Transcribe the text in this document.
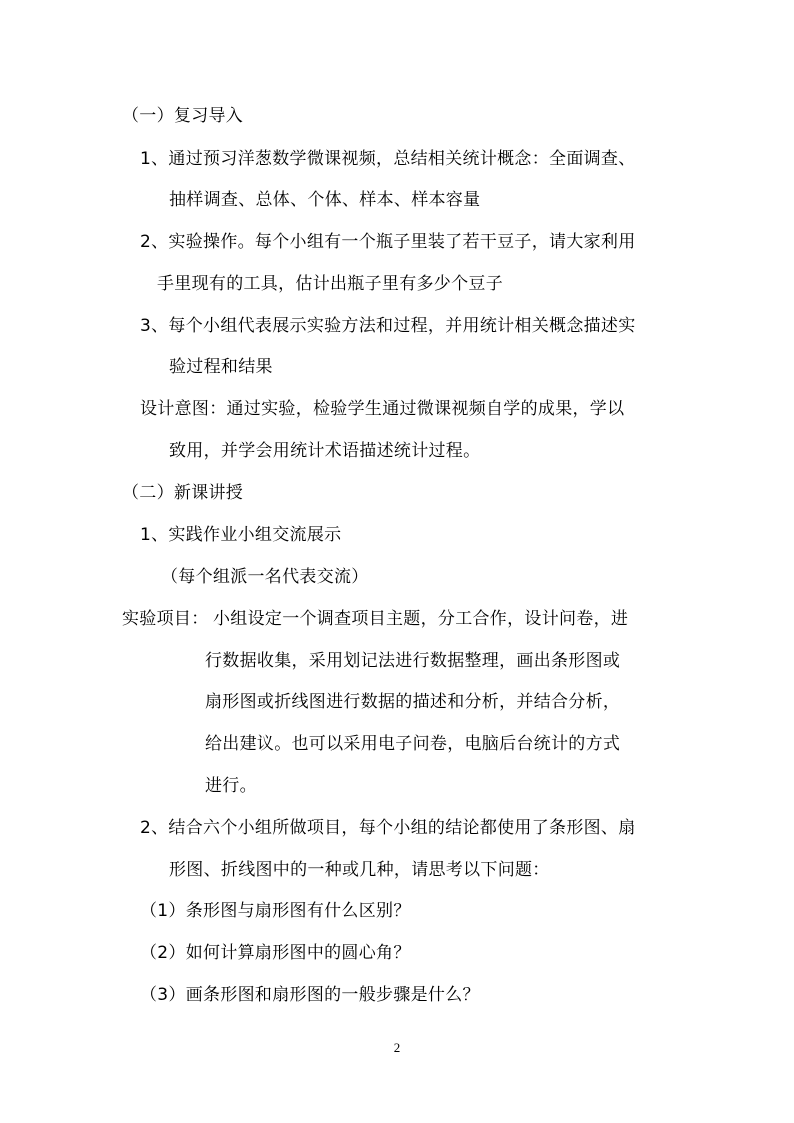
（一）复习导入
1、通过预习洋葱数学微课视频，总结相关统计概念：全面调查、
抽样调查、总体、个体、样本、样本容量
2、实验操作。每个小组有一个瓶子里装了若干豆子，请大家利用
手里现有的工具，估计出瓶子里有多少个豆子
3、每个小组代表展示实验方法和过程，并用统计相关概念描述实
验过程和结果
设计意图：通过实验，检验学生通过微课视频自学的成果，学以
致用，并学会用统计术语描述统计过程。
（二）新课讲授
1、实践作业小组交流展示
（每个组派一名代表交流）
实验项目： 小组设定一个调查项目主题，分工合作，设计问卷，进
行数据收集，采用划记法进行数据整理，画出条形图或
扇形图或折线图进行数据的描述和分析，并结合分析，
给出建议。也可以采用电子问卷，电脑后台统计的方式
进行。
2、结合六个小组所做项目，每个小组的结论都使用了条形图、扇
形图、折线图中的一种或几种，请思考以下问题：
（1）条形图与扇形图有什么区别？
（2）如何计算扇形图中的圆心角？
（3）画条形图和扇形图的一般步骤是什么？
2
